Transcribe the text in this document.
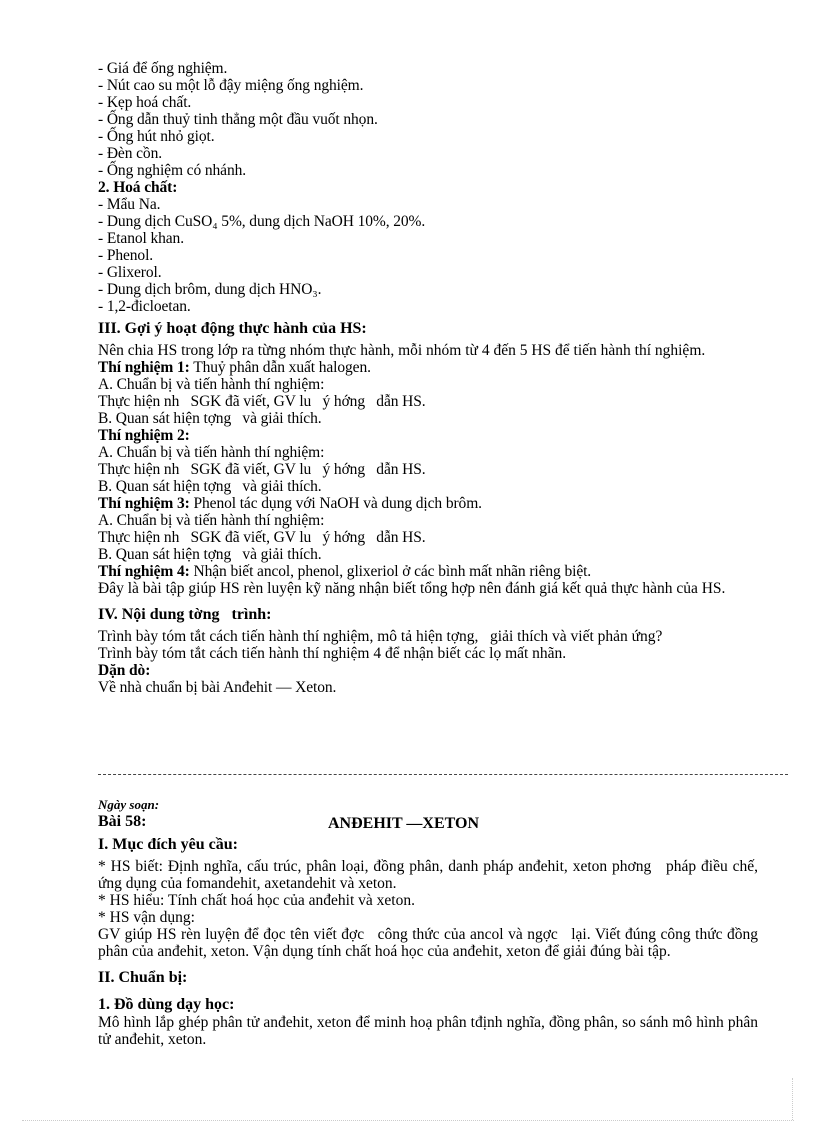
- Giá để ống nghiệm.
- Nút cao su một lỗ đậy miệng ống nghiệm.
- Kẹp hoá chất.
- Ống dẫn thuỷ tinh thẳng một đầu vuốt nhọn.
- Ống hút nhỏ giọt.
- Đèn cồn.
- Ống nghiệm có nhánh.
2. Hoá chất:
- Mẩu Na.
- Dung dịch CuSO₄ 5%, dung dịch NaOH 10%, 20%.
- Etanol khan.
- Phenol.
- Glixerol.
- Dung dịch brôm, dung dịch HNO₃.
- 1,2-đicloetan.
III. Gợi ý hoạt động thực hành của HS:
Nên chia HS trong lớp ra từng nhóm thực hành, mỗi nhóm từ 4 đến 5 HS để tiến hành thí nghiệm.
Thí nghiệm 1: Thuỷ phân dẫn xuất halogen.
A. Chuẩn bị và tiến hành thí nghiệm:
Thực hiện nh   SGK đã viết, GV lu   ý hớng   dẫn HS.
B. Quan sát hiện tợng   và giải thích.
Thí nghiệm 2:
A. Chuẩn bị và tiến hành thí nghiệm:
Thực hiện nh   SGK đã viết, GV lu   ý hớng   dẫn HS.
B. Quan sát hiện tợng   và giải thích.
Thí nghiệm 3: Phenol tác dụng với NaOH và dung dịch brôm.
A. Chuẩn bị và tiến hành thí nghiệm:
Thực hiện nh   SGK đã viết, GV lu   ý hớng   dẫn HS.
B. Quan sát hiện tợng   và giải thích.
Thí nghiệm 4: Nhận biết ancol, phenol, glixeriol ở các bình mất nhãn riêng biệt.
Đây là bài tập giúp HS rèn luyện kỹ năng nhận biết tổng hợp nên đánh giá kết quả thực hành của HS.
IV. Nội dung tờng   trình:
Trình bày tóm tắt cách tiến hành thí nghiệm, mô tả hiện tợng,   giải thích và viết phản ứng?
Trình bày tóm tắt cách tiến hành thí nghiệm 4 để nhận biết các lọ mất nhãn.
Dặn dò:
Về nhà chuẩn bị bài Anđehit — Xeton.
Ngày soạn:
Bài 58:	ANĐEHIT —XETON
I. Mục đích yêu cầu:
* HS biết: Định nghĩa, cấu trúc, phân loại, đồng phân, danh pháp anđehit, xeton phơng   pháp điều chế, ứng dụng của fomandehit, axetandehit và xeton.
* HS hiểu: Tính chất hoá học của anđehit và xeton.
* HS vận dụng:
GV giúp HS rèn luyện để đọc tên viết đợc   công thức của ancol và ngợc   lại. Viết đúng công thức đồng phân của anđehit, xeton. Vận dụng tính chất hoá học của anđehit, xeton để giải đúng bài tập.
II. Chuẩn bị:
1. Đồ dùng dạy học:
Mô hình lắp ghép phân tử anđehit, xeton để minh hoạ phân tđịnh nghĩa, đồng phân, so sánh mô hình phân tử anđehit, xeton.
